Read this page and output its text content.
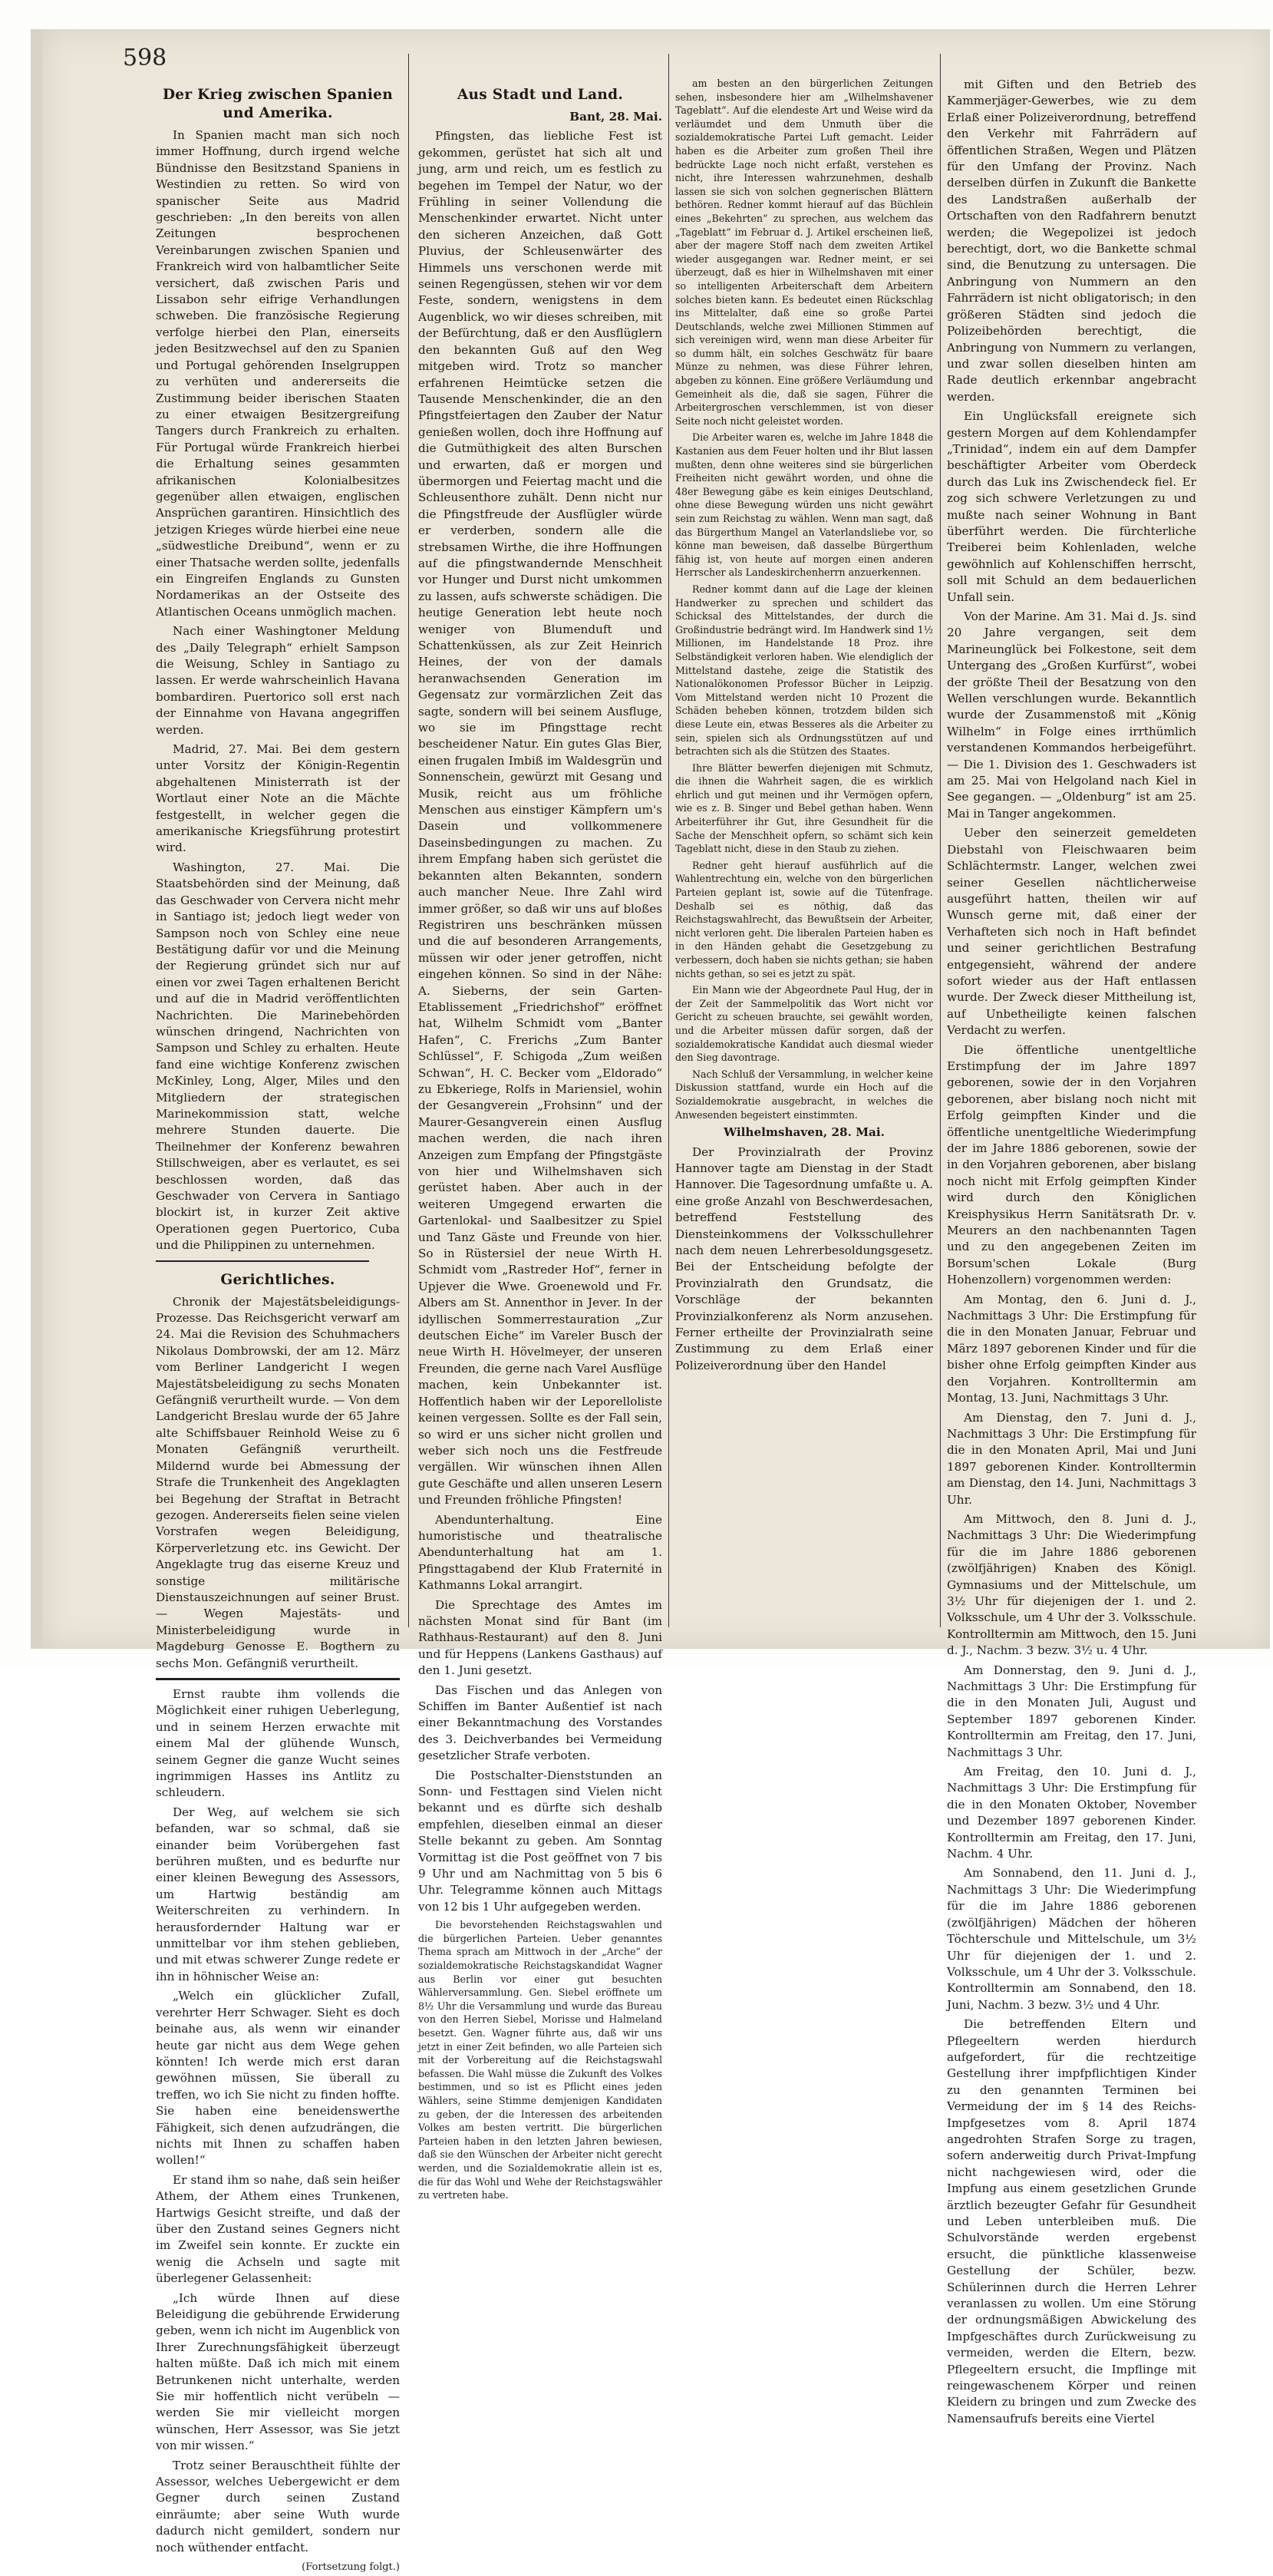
598
Der Krieg zwischen Spanien und Amerika.

In Spanien macht man sich noch immer Hoffnung, durch irgend welche Bündnisse den Besitzstand Spaniens in Westindien zu retten. So wird von spanischer Seite aus Madrid geschrieben: „In den bereits von allen Zeitungen besprochenen Vereinbarungen zwischen Spanien und Frankreich wird von halbamtlicher Seite versichert, daß zwischen Paris und Lissabon sehr eifrige Verhandlungen schweben. Die französische Regierung verfolge hierbei den Plan, einerseits jeden Besitzwechsel auf den zu Spanien und Portugal gehörenden Inselgruppen zu verhüten und andererseits die Zustimmung beider iberischen Staaten zu einer etwaigen Besitzergreifung Tangers durch Frankreich zu erhalten. Für Portugal würde Frankreich hierbei die Erhaltung seines gesammten afrikanischen Kolonialbesitzes gegenüber allen etwaigen, englischen Ansprüchen garantiren. Hinsichtlich des jetzigen Krieges würde hierbei eine neue „südwestliche Dreibund“, wenn er zu einer Thatsache werden sollte, jedenfalls ein Eingreifen Englands zu Gunsten Nordamerikas an der Ostseite des Atlantischen Oceans unmöglich machen.

Nach einer Washingtoner Meldung des „Daily Telegraph“ erhielt Sampson die Weisung, Schley in Santiago zu lassen. Er werde wahrscheinlich Havana bombardiren. Puertorico soll erst nach der Einnahme von Havana angegriffen werden.

Madrid, 27. Mai. Bei dem gestern unter Vorsitz der Königin-Regentin abgehaltenen Ministerrath ist der Wortlaut einer Note an die Mächte festgestellt, in welcher gegen die amerikanische Kriegsführung protestirt wird.

Washington, 27. Mai. Die Staatsbehörden sind der Meinung, daß das Geschwader von Cervera nicht mehr in Santiago ist; jedoch liegt weder von Sampson noch von Schley eine neue Bestätigung dafür vor und die Meinung der Regierung gründet sich nur auf einen vor zwei Tagen erhaltenen Bericht und auf die in Madrid veröffentlichten Nachrichten. Die Marinebehörden wünschen dringend, Nachrichten von Sampson und Schley zu erhalten. Heute fand eine wichtige Konferenz zwischen McKinley, Long, Alger, Miles und den Mitgliedern der strategischen Marinekommission statt, welche mehrere Stunden dauerte. Die Theilnehmer der Konferenz bewahren Stillschweigen, aber es verlautet, es sei beschlossen worden, daß das Geschwader von Cervera in Santiago blockirt ist, in kurzer Zeit aktive Operationen gegen Puertorico, Cuba und die Philippinen zu unternehmen.

Gerichtliches.

Chronik der Majestätsbeleidigungs-Prozesse. Das Reichsgericht verwarf am 24. Mai die Revision des Schuhmachers Nikolaus Dombrowski, der am 12. März vom Berliner Landgericht I wegen Majestätsbeleidigung zu sechs Monaten Gefängniß verurtheilt wurde. — Von dem Landgericht Breslau wurde der 65 Jahre alte Schiffsbauer Reinhold Weise zu 6 Monaten Gefängniß verurtheilt. Mildernd wurde bei Abmessung der Strafe die Trunkenheit des Angeklagten bei Begehung der Straftat in Betracht gezogen. Andererseits fielen seine vielen Vorstrafen wegen Beleidigung, Körperverletzung etc. ins Gewicht. Der Angeklagte trug das eiserne Kreuz und sonstige militärische Dienstauszeichnungen auf seiner Brust. — Wegen Majestäts- und Ministerbeleidigung wurde in Magdeburg Genosse E. Bogthern zu sechs Mon. Gefängniß verurtheilt.

Ernst raubte ihm vollends die Möglichkeit einer ruhigen Ueberlegung, und in seinem Herzen erwachte mit einem Mal der glühende Wunsch, seinem Gegner die ganze Wucht seines ingrimmigen Hasses ins Antlitz zu schleudern.

Der Weg, auf welchem sie sich befanden, war so schmal, daß sie einander beim Vorübergehen fast berühren mußten, und es bedurfte nur einer kleinen Bewegung des Assessors, um Hartwig beständig am Weiterschreiten zu verhindern. In herausfordernder Haltung war er unmittelbar vor ihm stehen geblieben, und mit etwas schwerer Zunge redete er ihn in höhnischer Weise an:

„Welch ein glücklicher Zufall, verehrter Herr Schwager. Sieht es doch beinahe aus, als wenn wir einander heute gar nicht aus dem Wege gehen könnten! Ich werde mich erst daran gewöhnen müssen, Sie überall zu treffen, wo ich Sie nicht zu finden hoffte. Sie haben eine beneidenswerthe Fähigkeit, sich denen aufzudrängen, die nichts mit Ihnen zu schaffen haben wollen!“

Er stand ihm so nahe, daß sein heißer Athem, der Athem eines Trunkenen, Hartwigs Gesicht streifte, und daß der über den Zustand seines Gegners nicht im Zweifel sein konnte. Er zuckte ein wenig die Achseln und sagte mit überlegener Gelassenheit:

„Ich würde Ihnen auf diese Beleidigung die gebührende Erwiderung geben, wenn ich nicht im Augenblick von Ihrer Zurechnungsfähigkeit überzeugt halten müßte. Daß ich mich mit einem Betrunkenen nicht unterhalte, werden Sie mir hoffentlich nicht verübeln — werden Sie mir vielleicht morgen wünschen, Herr Assessor, was Sie jetzt von mir wissen.“

Trotz seiner Berauschtheit fühlte der Assessor, welches Uebergewicht er dem Gegner durch seinen Zustand einräumte; aber seine Wuth wurde dadurch nicht gemildert, sondern nur noch wüthender entfacht.

(Fortsetzung folgt.)
Aus Stadt und Land.
Bant, 28. Mai.

Pfingsten, das liebliche Fest ist gekommen, gerüstet hat sich alt und jung, arm und reich, um es festlich zu begehen im Tempel der Natur, wo der Frühling in seiner Vollendung die Menschenkinder erwartet. Nicht unter den sicheren Anzeichen, daß Gott Pluvius, der Schleusenwärter des Himmels uns verschonen werde mit seinen Regengüssen, stehen wir vor dem Feste, sondern, wenigstens in dem Augenblick, wo wir dieses schreiben, mit der Befürchtung, daß er den Ausflüglern den bekannten Guß auf den Weg mitgeben wird. Trotz so mancher erfahrenen Heimtücke setzen die Tausende Menschenkinder, die an den Pfingstfeiertagen den Zauber der Natur genießen wollen, doch ihre Hoffnung auf die Gutmüthigkeit des alten Burschen und erwarten, daß er morgen und übermorgen und Feiertag macht und die Schleusenthore zuhält. Denn nicht nur die Pfingstfreude der Ausflügler würde er verderben, sondern alle die strebsamen Wirthe, die ihre Hoffnungen auf die pfingstwandernde Menschheit vor Hunger und Durst nicht umkommen zu lassen, aufs schwerste schädigen. Die heutige Generation lebt heute noch weniger von Blumenduft und Schattenküssen, als zur Zeit Heinrich Heines, der von der damals heranwachsenden Generation im Gegensatz zur vormärzlichen Zeit das sagte, sondern will bei seinem Ausfluge, wo sie im Pfingsttage recht bescheidener Natur. Ein gutes Glas Bier, einen frugalen Imbiß im Waldesgrün und Sonnenschein, gewürzt mit Gesang und Musik, reicht aus um fröhliche Menschen aus einstiger Kämpfern um's Dasein und vollkommenere Daseinsbedingungen zu machen. Zu ihrem Empfang haben sich gerüstet die bekannten alten Bekannten, sondern auch mancher Neue. Ihre Zahl wird immer größer, so daß wir uns auf bloßes Registriren uns beschränken müssen und die auf besonderen Arrangements, müssen wir oder jener getroffen, nicht eingehen können. So sind in der Nähe: A. Sieberns, der sein Garten-Etablissement „Friedrichshof“ eröffnet hat, Wilhelm Schmidt vom „Banter Hafen“, C. Frerichs „Zum Banter Schlüssel“, F. Schigoda „Zum weißen Schwan“, H. C. Becker vom „Eldorado“ zu Ebkeriege, Rolfs in Mariensiel, wohin der Gesangverein „Frohsinn“ und der Maurer-Gesangverein einen Ausflug machen werden, die nach ihren Anzeigen zum Empfang der Pfingstgäste von hier und Wilhelmshaven sich gerüstet haben. Aber auch in der weiteren Umgegend erwarten die Gartenlokal- und Saalbesitzer zu Spiel und Tanz Gäste und Freunde von hier. So in Rüstersiel der neue Wirth H. Schmidt vom „Rastreder Hof“, ferner in Upjever die Wwe. Groenewold und Fr. Albers am St. Annenthor in Jever. In der idyllischen Sommerrestauration „Zur deutschen Eiche“ im Vareler Busch der neue Wirth H. Hövelmeyer, der unseren Freunden, die gerne nach Varel Ausflüge machen, kein Unbekannter ist. Hoffentlich haben wir der Leporelloliste keinen vergessen. Sollte es der Fall sein, so wird er uns sicher nicht grollen und weber sich noch uns die Festfreude vergällen. Wir wünschen ihnen Allen gute Geschäfte und allen unseren Lesern und Freunden fröhliche Pfingsten!

Abendunterhaltung. Eine humoristische und theatralische Abendunterhaltung hat am 1. Pfingsttagabend der Klub Fraternité in Kathmanns Lokal arrangirt.

Die Sprechtage des Amtes im nächsten Monat sind für Bant (im Rathhaus-Restaurant) auf den 8. Juni und für Heppens (Lankens Gasthaus) auf den 1. Juni gesetzt.

Das Fischen und das Anlegen von Schiffen im Banter Außentief ist nach einer Bekanntmachung des Vorstandes des 3. Deichverbandes bei Vermeidung gesetzlicher Strafe verboten.

Die Postschalter-Dienststunden an Sonn- und Festtagen sind Vielen nicht bekannt und es dürfte sich deshalb empfehlen, dieselben einmal an dieser Stelle bekannt zu geben. Am Sonntag Vormittag ist die Post geöffnet von 7 bis 9 Uhr und am Nachmittag von 5 bis 6 Uhr. Telegramme können auch Mittags von 12 bis 1 Uhr aufgegeben werden.

Die bevorstehenden Reichstagswahlen und die bürgerlichen Parteien. Ueber genanntes Thema sprach am Mittwoch in der „Arche“ der sozialdemokratische Reichstagskandidat Wagner aus Berlin vor einer gut besuchten Wählerversammlung. Gen. Siebel eröffnete um 8½ Uhr die Versammlung und wurde das Bureau von den Herren Siebel, Morisse und Halmeland besetzt. Gen. Wagner führte aus, daß wir uns jetzt in einer Zeit befinden, wo alle Parteien sich mit der Vorbereitung auf die Reichstagswahl befassen. Die Wahl müsse die Zukunft des Volkes bestimmen, und so ist es Pflicht eines jeden Wählers, seine Stimme demjenigen Kandidaten zu geben, der die Interessen des arbeitenden Volkes am besten vertritt. Die bürgerlichen Parteien haben in den letzten Jahren bewiesen, daß sie den Wünschen der Arbeiter nicht gerecht werden, und die Sozialdemokratie allein ist es, die für das Wohl und Wehe der Reichstagswähler zu vertreten habe.

am besten an den bürgerlichen Zeitungen sehen, insbesondere hier am „Wilhelmshavener Tageblatt“. Auf die elendeste Art und Weise wird da verläumdet und dem Unmuth über die sozialdemokratische Partei Luft gemacht. Leider haben es die Arbeiter zum großen Theil ihre bedrückte Lage noch nicht erfaßt, verstehen es nicht, ihre Interessen wahrzunehmen, deshalb lassen sie sich von solchen gegnerischen Blättern bethören. Redner kommt hierauf auf das Büchlein eines „Bekehrten“ zu sprechen, aus welchem das „Tageblatt“ im Februar d. J. Artikel erscheinen ließ, aber der magere Stoff nach dem zweiten Artikel wieder ausgegangen war. Redner meint, er sei überzeugt, daß es hier in Wilhelmshaven mit einer so intelligenten Arbeiterschaft dem Arbeitern solches bieten kann. Es bedeutet einen Rückschlag ins Mittelalter, daß eine so große Partei Deutschlands, welche zwei Millionen Stimmen auf sich vereinigen wird, wenn man diese Arbeiter für so dumm hält, ein solches Geschwätz für baare Münze zu nehmen, was diese Führer lehren, abgeben zu können. Eine größere Verläumdung und Gemeinheit als die, daß sie sagen, Führer die Arbeitergroschen verschlemmen, ist von dieser Seite noch nicht geleistet worden.

Die Arbeiter waren es, welche im Jahre 1848 die Kastanien aus dem Feuer holten und ihr Blut lassen mußten, denn ohne weiteres sind sie bürgerlichen Freiheiten nicht gewährt worden, und ohne die 48er Bewegung gäbe es kein einiges Deutschland, ohne diese Bewegung würden uns nicht gewährt sein zum Reichstag zu wählen. Wenn man sagt, daß das Bürgerthum Mangel an Vaterlandsliebe vor, so könne man beweisen, daß dasselbe Bürgerthum fähig ist, von heute auf morgen einen anderen Herrscher als Landeskirchenherrn anzuerkennen.

Redner kommt dann auf die Lage der kleinen Handwerker zu sprechen und schildert das Schicksal des Mittelstandes, der durch die Großindustrie bedrängt wird. Im Handwerk sind 1½ Millionen, im Handelstande 18 Proz. ihre Selbständigkeit verloren haben. Wie elendiglich der Mittelstand dastehe, zeige die Statistik des Nationalökonomen Professor Bücher in Leipzig. Vom Mittelstand werden nicht 10 Prozent die Schäden beheben können, trotzdem bilden sich diese Leute ein, etwas Besseres als die Arbeiter zu sein, spielen sich als Ordnungsstützen auf und betrachten sich als die Stützen des Staates.

Ihre Blätter bewerfen diejenigen mit Schmutz, die ihnen die Wahrheit sagen, die es wirklich ehrlich und gut meinen und ihr Vermögen opfern, wie es z. B. Singer und Bebel gethan haben. Wenn Arbeiterführer ihr Gut, ihre Gesundheit für die Sache der Menschheit opfern, so schämt sich kein Tageblatt nicht, diese in den Staub zu ziehen.

Redner geht hierauf ausführlich auf die Wahlentrechtung ein, welche von den bürgerlichen Parteien geplant ist, sowie auf die Tütenfrage. Deshalb sei es nöthig, daß das Reichstagswahlrecht, das Bewußtsein der Arbeiter, nicht verloren geht. Die liberalen Parteien haben es in den Händen gehabt die Gesetzgebung zu verbessern, doch haben sie nichts gethan; sie haben nichts gethan, so sei es jetzt zu spät.

Ein Mann wie der Abgeordnete Paul Hug, der in der Zeit der Sammelpolitik das Wort nicht vor Gericht zu scheuen brauchte, sei gewählt worden, und die Arbeiter müssen dafür sorgen, daß der sozialdemokratische Kandidat auch diesmal wieder den Sieg davontrage.

Nach Schluß der Versammlung, in welcher keine Diskussion stattfand, wurde ein Hoch auf die Sozialdemokratie ausgebracht, in welches die Anwesenden begeistert einstimmten.

Wilhelmshaven, 28. Mai.

Der Provinzialrath der Provinz Hannover tagte am Dienstag in der Stadt Hannover. Die Tagesordnung umfaßte u. A. eine große Anzahl von Beschwerdesachen, betreffend Feststellung des Diensteinkommens der Volksschullehrer nach dem neuen Lehrerbesoldungsgesetz. Bei der Entscheidung befolgte der Provinzialrath den Grundsatz, die Vorschläge der bekannten Provinzialkonferenz als Norm anzusehen. Ferner ertheilte der Provinzialrath seine Zustimmung zu dem Erlaß einer Polizeiverordnung über den Handel

mit Giften und den Betrieb des Kammerjäger-Gewerbes, wie zu dem Erlaß einer Polizeiverordnung, betreffend den Verkehr mit Fahrrädern auf öffentlichen Straßen, Wegen und Plätzen für den Umfang der Provinz. Nach derselben dürfen in Zukunft die Bankette des Landstraßen außerhalb der Ortschaften von den Radfahrern benutzt werden; die Wegepolizei ist jedoch berechtigt, dort, wo die Bankette schmal sind, die Benutzung zu untersagen. Die Anbringung von Nummern an den Fahrrädern ist nicht obligatorisch; in den größeren Städten sind jedoch die Polizeibehörden berechtigt, die Anbringung von Nummern zu verlangen, und zwar sollen dieselben hinten am Rade deutlich erkennbar angebracht werden.

Ein Unglücksfall ereignete sich gestern Morgen auf dem Kohlendampfer „Trinidad“, indem ein auf dem Dampfer beschäftigter Arbeiter vom Oberdeck durch das Luk ins Zwischendeck fiel. Er zog sich schwere Verletzungen zu und mußte nach seiner Wohnung in Bant überführt werden. Die fürchterliche Treiberei beim Kohlenladen, welche gewöhnlich auf Kohlenschiffen herrscht, soll mit Schuld an dem bedauerlichen Unfall sein.

Von der Marine. Am 31. Mai d. Js. sind 20 Jahre vergangen, seit dem Marineunglück bei Folkestone, seit dem Untergang des „Großen Kurfürst“, wobei der größte Theil der Besatzung von den Wellen verschlungen wurde. Bekanntlich wurde der Zusammenstoß mit „König Wilhelm“ in Folge eines irrthümlich verstandenen Kommandos herbeigeführt. — Die 1. Division des 1. Geschwaders ist am 25. Mai von Helgoland nach Kiel in See gegangen. — „Oldenburg“ ist am 25. Mai in Tanger angekommen.

Ueber den seinerzeit gemeldeten Diebstahl von Fleischwaaren beim Schlächtermstr. Langer, welchen zwei seiner Gesellen nächtlicherweise ausgeführt hatten, theilen wir auf Wunsch gerne mit, daß einer der Verhafteten sich noch in Haft befindet und seiner gerichtlichen Bestrafung entgegensieht, während der andere sofort wieder aus der Haft entlassen wurde. Der Zweck dieser Mittheilung ist, auf Unbetheiligte keinen falschen Verdacht zu werfen.

Die öffentliche unentgeltliche Erstimpfung der im Jahre 1897 geborenen, sowie der in den Vorjahren geborenen, aber bislang noch nicht mit Erfolg geimpften Kinder und die öffentliche unentgeltliche Wiederimpfung der im Jahre 1886 geborenen, sowie der in den Vorjahren geborenen, aber bislang noch nicht mit Erfolg geimpften Kinder wird durch den Königlichen Kreisphysikus Herrn Sanitätsrath Dr. v. Meurers an den nachbenannten Tagen und zu den angegebenen Zeiten im Borsum'schen Lokale (Burg Hohenzollern) vorgenommen werden:

Am Montag, den 6. Juni d. J., Nachmittags 3 Uhr: Die Erstimpfung für die in den Monaten Januar, Februar und März 1897 geborenen Kinder und für die bisher ohne Erfolg geimpften Kinder aus den Vorjahren. Kontrolltermin am Montag, 13. Juni, Nachmittags 3 Uhr.

Am Dienstag, den 7. Juni d. J., Nachmittags 3 Uhr: Die Erstimpfung für die in den Monaten April, Mai und Juni 1897 geborenen Kinder. Kontrolltermin am Dienstag, den 14. Juni, Nachmittags 3 Uhr.

Am Mittwoch, den 8. Juni d. J., Nachmittags 3 Uhr: Die Wiederimpfung für die im Jahre 1886 geborenen (zwölfjährigen) Knaben des Königl. Gymnasiums und der Mittelschule, um 3½ Uhr für diejenigen der 1. und 2. Volksschule, um 4 Uhr der 3. Volksschule. Kontrolltermin am Mittwoch, den 15. Juni d. J., Nachm. 3 bezw. 3½ u. 4 Uhr.

Am Donnerstag, den 9. Juni d. J., Nachmittags 3 Uhr: Die Erstimpfung für die in den Monaten Juli, August und September 1897 geborenen Kinder. Kontrolltermin am Freitag, den 17. Juni, Nachmittags 3 Uhr.

Am Freitag, den 10. Juni d. J., Nachmittags 3 Uhr: Die Erstimpfung für die in den Monaten Oktober, November und Dezember 1897 geborenen Kinder. Kontrolltermin am Freitag, den 17. Juni, Nachm. 4 Uhr.

Am Sonnabend, den 11. Juni d. J., Nachmittags 3 Uhr: Die Wiederimpfung für die im Jahre 1886 geborenen (zwölfjährigen) Mädchen der höheren Töchterschule und Mittelschule, um 3½ Uhr für diejenigen der 1. und 2. Volksschule, um 4 Uhr der 3. Volksschule. Kontrolltermin am Sonnabend, den 18. Juni, Nachm. 3 bezw. 3½ und 4 Uhr.

Die betreffenden Eltern und Pflegeeltern werden hierdurch aufgefordert, für die rechtzeitige Gestellung ihrer impfpflichtigen Kinder zu den genannten Terminen bei Vermeidung der im § 14 des Reichs-Impfgesetzes vom 8. April 1874 angedrohten Strafen Sorge zu tragen, sofern anderweitig durch Privat-Impfung nicht nachgewiesen wird, oder die Impfung aus einem gesetzlichen Grunde ärztlich bezeugter Gefahr für Gesundheit und Leben unterbleiben muß. Die Schulvorstände werden ergebenst ersucht, die pünktliche klassenweise Gestellung der Schüler, bezw. Schülerinnen durch die Herren Lehrer veranlassen zu wollen. Um eine Störung der ordnungsmäßigen Abwickelung des Impfgeschäftes durch Zurückweisung zu vermeiden, werden die Eltern, bezw. Pflegeeltern ersucht, die Impflinge mit reingewaschenem Körper und reinen Kleidern zu bringen und zum Zwecke des Namensaufrufs bereits eine Viertel
